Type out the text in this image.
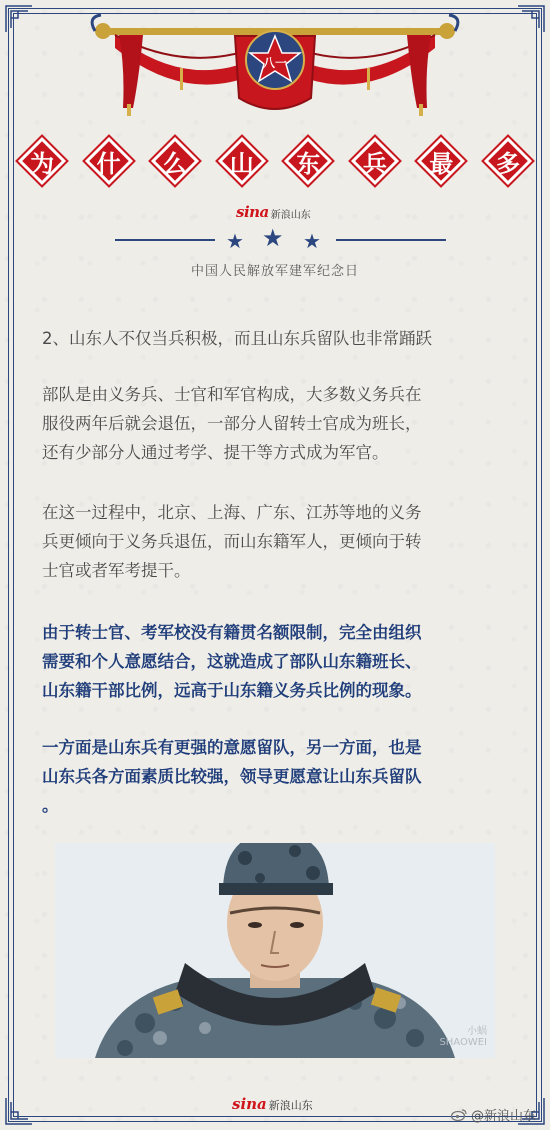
八一
为	什	么	山	东	兵	最	多
sina 新浪山东
★ ★ ★
中国人民解放军建军纪念日
2、山东人不仅当兵积极，而且山东兵留队也非常踊跃
部队是由义务兵、士官和军官构成，大多数义务兵在
服役两年后就会退伍，一部分人留转士官成为班长，
还有少部分人通过考学、提干等方式成为军官。
在这一过程中，北京、上海、广东、江苏等地的义务
兵更倾向于义务兵退伍，而山东籍军人，更倾向于转
士官或者军考提干。
由于转士官、考军校没有籍贯名额限制，完全由组织
需要和个人意愿结合，这就造成了部队山东籍班长、
山东籍干部比例，远高于山东籍义务兵比例的现象。
一方面是山东兵有更强的意愿留队，另一方面，也是
山东兵各方面素质比较强，领导更愿意让山东兵留队
。
小蜗
SHAOWEI
sina 新浪山东
@新浪山东
